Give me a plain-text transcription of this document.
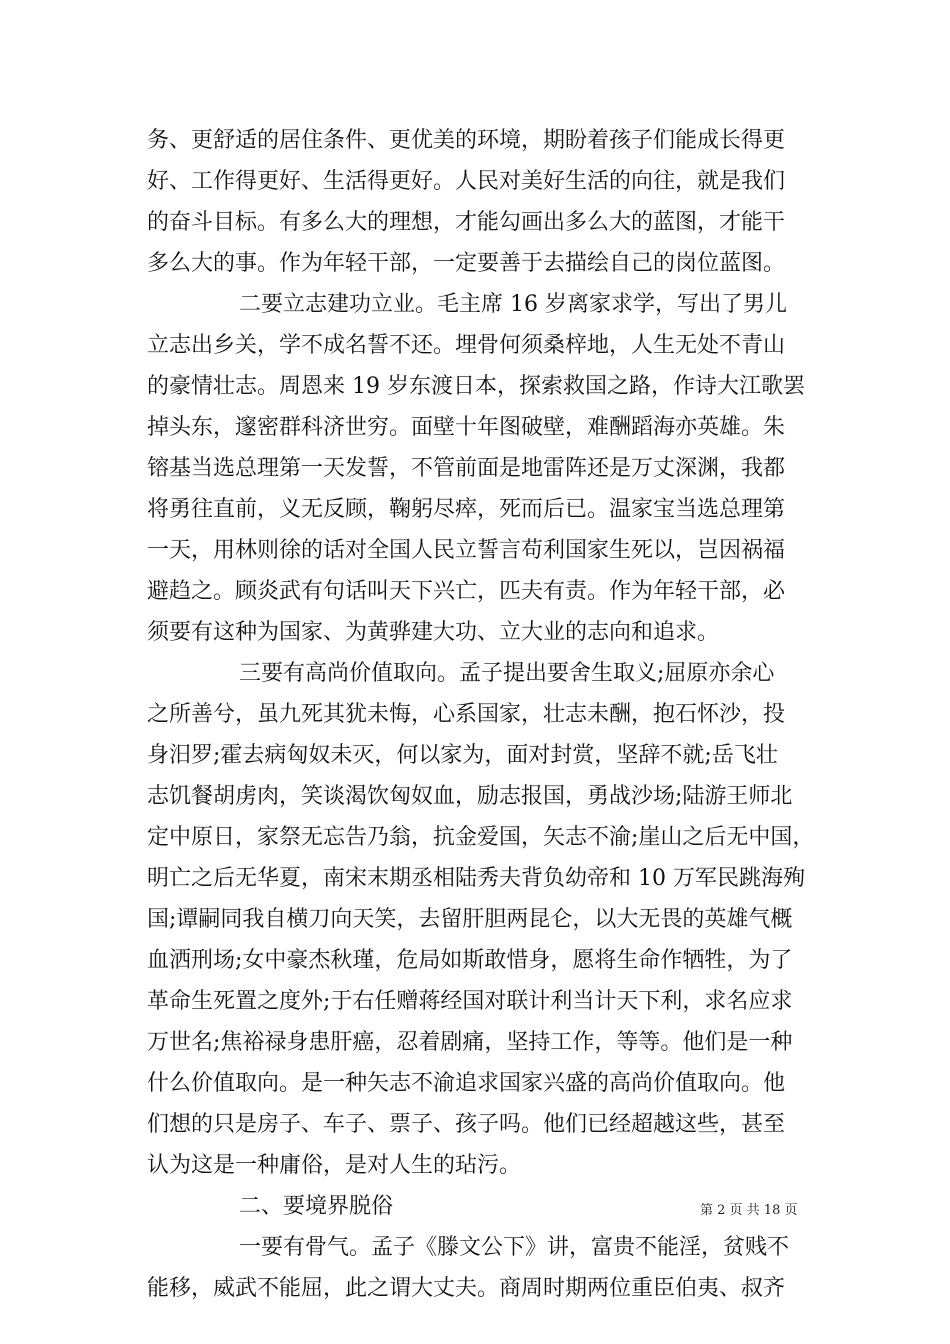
务、更舒适的居住条件、更优美的环境，期盼着孩子们能成长得更
好、工作得更好、生活得更好。人民对美好生活的向往，就是我们
的奋斗目标。有多么大的理想，才能勾画出多么大的蓝图，才能干
多么大的事。作为年轻干部，一定要善于去描绘自己的岗位蓝图。
二要立志建功立业。毛主席 16 岁离家求学，写出了男儿
立志出乡关，学不成名誓不还。埋骨何须桑梓地，人生无处不青山
的豪情壮志。周恩来 19 岁东渡日本，探索救国之路，作诗大江歌罢
掉头东，邃密群科济世穷。面壁十年图破壁，难酬蹈海亦英雄。朱
镕基当选总理第一天发誓，不管前面是地雷阵还是万丈深渊，我都
将勇往直前，义无反顾，鞠躬尽瘁，死而后已。温家宝当选总理第
一天，用林则徐的话对全国人民立誓言苟利国家生死以，岂因祸福
避趋之。顾炎武有句话叫天下兴亡，匹夫有责。作为年轻干部，必
须要有这种为国家、为黄骅建大功、立大业的志向和追求。
三要有高尚价值取向。孟子提出要舍生取义;屈原亦余心
之所善兮，虽九死其犹未悔，心系国家，壮志未酬，抱石怀沙，投
身汨罗;霍去病匈奴未灭，何以家为，面对封赏，坚辞不就;岳飞壮
志饥餐胡虏肉，笑谈渴饮匈奴血，励志报国，勇战沙场;陆游王师北
定中原日，家祭无忘告乃翁，抗金爱国，矢志不渝;崖山之后无中国，
明亡之后无华夏，南宋末期丞相陆秀夫背负幼帝和 10 万军民跳海殉
国;谭嗣同我自横刀向天笑，去留肝胆两昆仑，以大无畏的英雄气概
血洒刑场;女中豪杰秋瑾，危局如斯敢惜身，愿将生命作牺牲，为了
革命生死置之度外;于右任赠蒋经国对联计利当计天下利，求名应求
万世名;焦裕禄身患肝癌，忍着剧痛，坚持工作，等等。他们是一种
什么价值取向。是一种矢志不渝追求国家兴盛的高尚价值取向。他
们想的只是房子、车子、票子、孩子吗。他们已经超越这些，甚至
认为这是一种庸俗，是对人生的玷污。
二、要境界脱俗
一要有骨气。孟子《滕文公下》讲，富贵不能淫，贫贱不
能移，威武不能屈，此之谓大丈夫。商周时期两位重臣伯夷、叔齐
第 2 页 共 18 页
